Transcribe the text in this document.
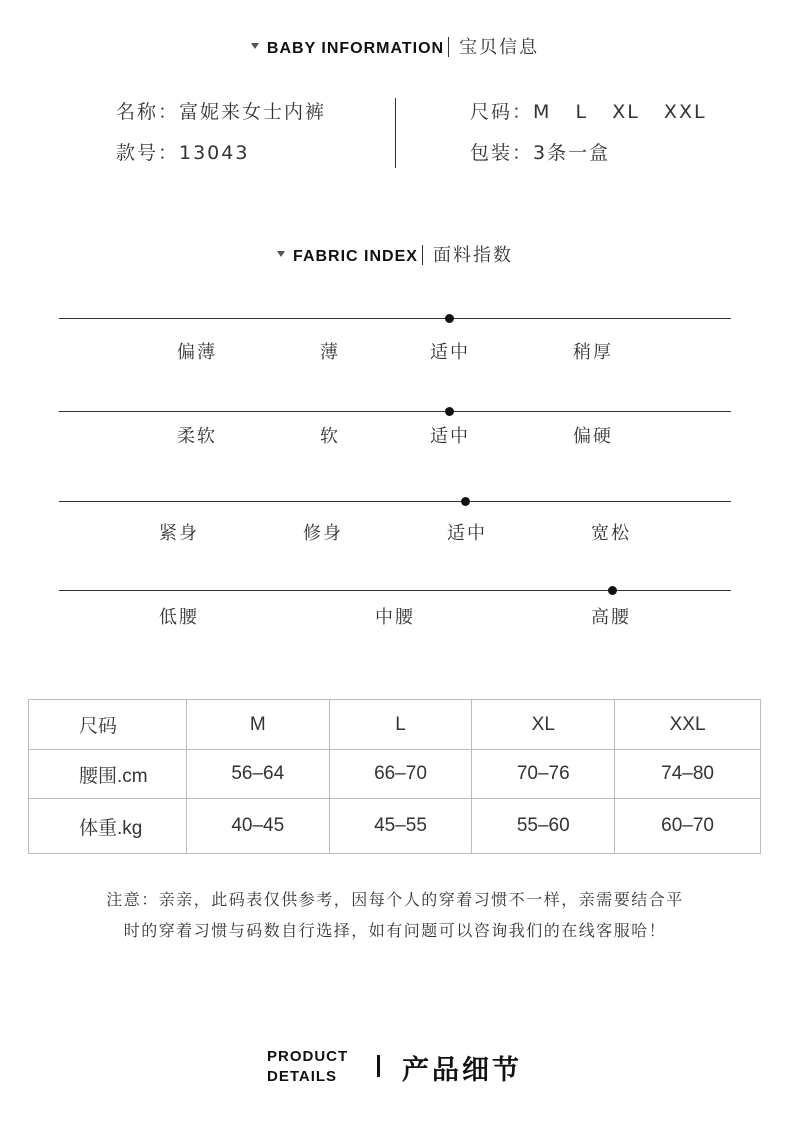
BABY INFORMATION 宝贝信息
名称：富妮来女士内裤
款号：13043
尺码：M   L   XL   XXL
包装：3条一盒
FABRIC INDEX 面料指数
偏薄	薄	适中	稍厚
柔软	软	适中	偏硬
紧身	修身	适中	宽松
低腰	中腰	高腰
尺码	M	L	XL	XXL
腰围.cm	56–64	66–70	70–76	74–80
体重.kg	40–45	45–55	55–60	60–70
注意：亲亲，此码表仅供参考，因每个人的穿着习惯不一样，亲需要结合平
时的穿着习惯与码数自行选择，如有问题可以咨询我们的在线客服哈！
PRODUCT
DETAILS	产品细节
